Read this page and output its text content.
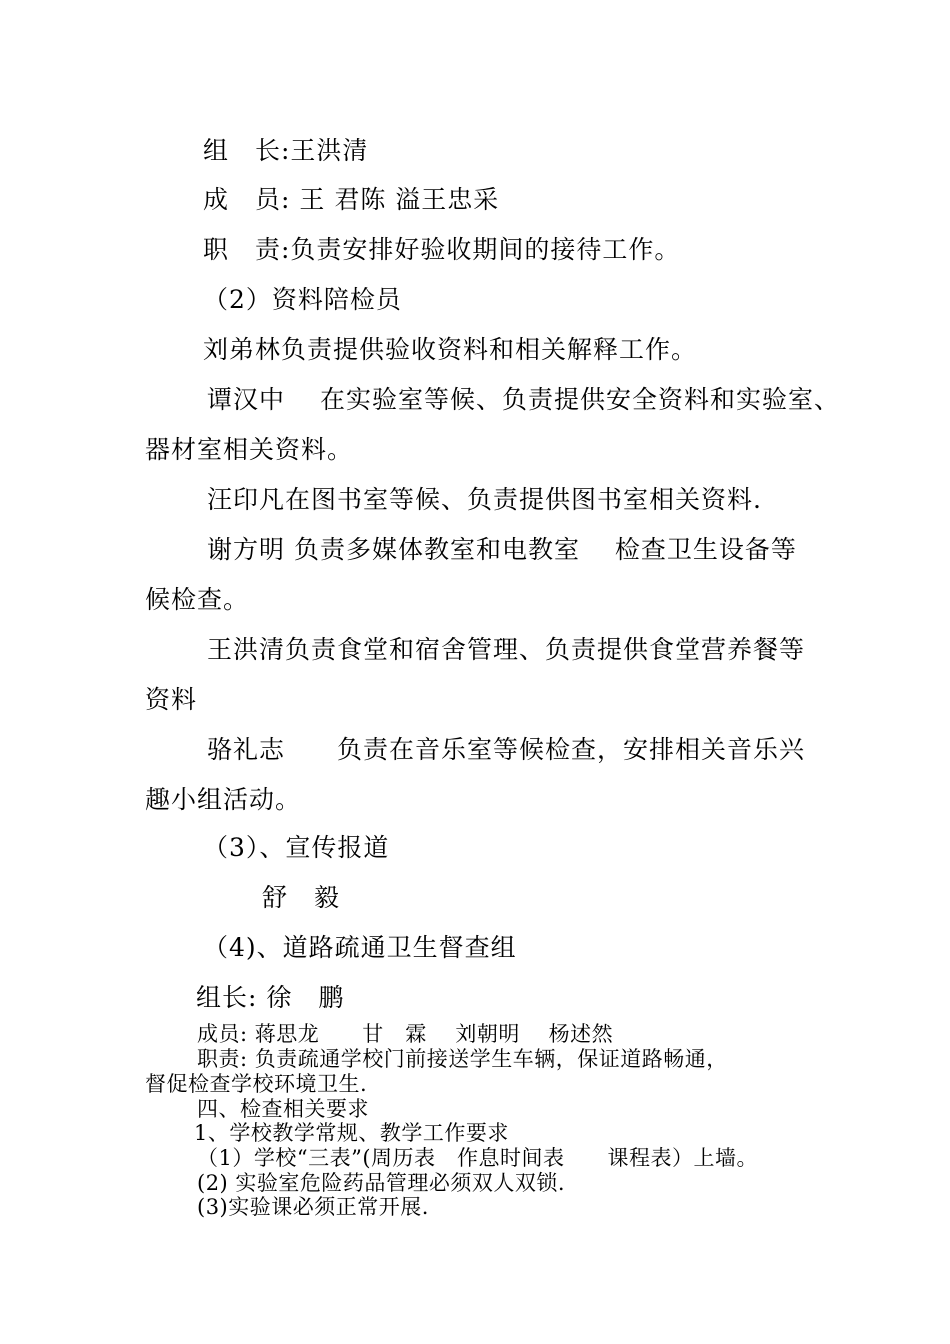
组　长:王洪清
成　员: 王 君陈 溢王忠采
职　责:负责安排好验收期间的接待工作。
（2）资料陪检员
刘弟林负责提供验收资料和相关解释工作。
谭汉中　 在实验室等候、负责提供安全资料和实验室、
器材室相关资料。
汪印凡在图书室等候、负责提供图书室相关资料.
谢方明 负责多媒体教室和电教室　 检查卫生设备等
候检查。
王洪清负责食堂和宿舍管理、负责提供食堂营养餐等
资料
骆礼志　　负责在音乐室等候检查，安排相关音乐兴
趣小组活动。
（3）、宣传报道
舒　毅
（4)、道路疏通卫生督查组
组长: 徐　鹏
成员: 蒋思龙　　甘　霖　 刘朝明　 杨述然
职责: 负责疏通学校门前接送学生车辆，保证道路畅通，
督促检查学校环境卫生.
四、检查相关要求
1、学校教学常规、教学工作要求
（1）学校“三表”(周历表　作息时间表　　课程表）上墙。
(2) 实验室危险药品管理必须双人双锁.
(3)实验课必须正常开展.
